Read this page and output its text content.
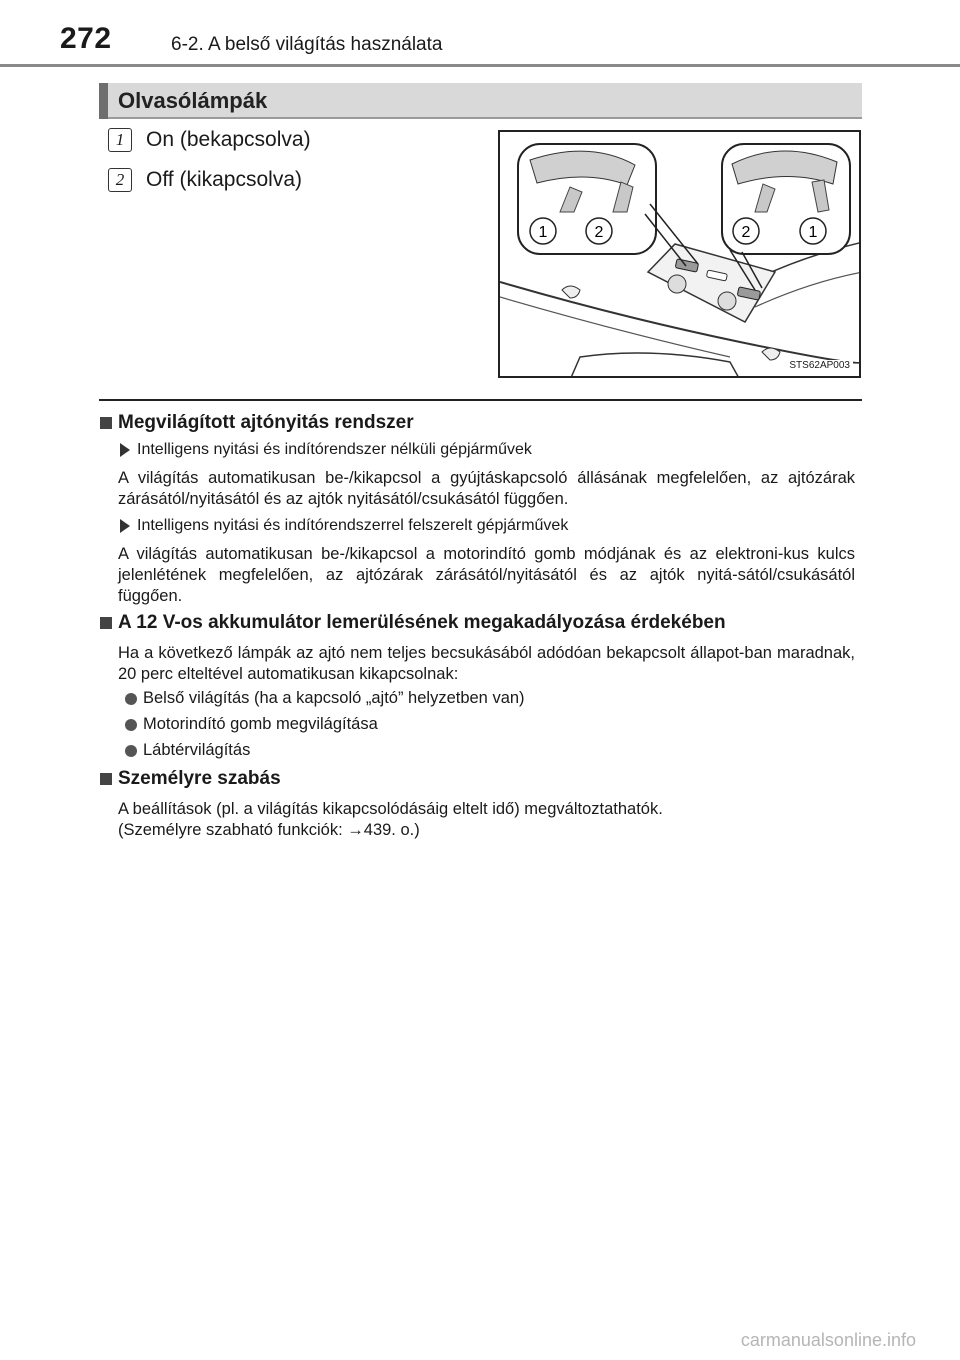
272	6-2. A belső világítás használata
Olvasólámpák
1	On (bekapcsolva)
2	Off (kikapcsolva)
1	2	2	1
STS62AP003
Megvilágított ajtónyitás rendszer
Intelligens nyitási és indítórendszer nélküli gépjárművek
A világítás automatikusan be-/kikapcsol a gyújtáskapcsoló állásának megfelelően, az ajtózárak zárásától/nyitásától és az ajtók nyitásától/csukásától függően.
Intelligens nyitási és indítórendszerrel felszerelt gépjárművek
A világítás automatikusan be-/kikapcsol a motorindító gomb módjának és az elektroni-kus kulcs jelenlétének megfelelően, az ajtózárak zárásától/nyitásától és az ajtók nyitá-sától/csukásától függően.
A 12 V-os akkumulátor lemerülésének megakadályozása érdekében
Ha a következő lámpák az ajtó nem teljes becsukásából adódóan bekapcsolt állapot-ban maradnak, 20 perc elteltével automatikusan kikapcsolnak:
Belső világítás (ha a kapcsoló „ajtó” helyzetben van)
Motorindító gomb megvilágítása
Lábtérvilágítás
Személyre szabás
A beállítások (pl. a világítás kikapcsolódásáig eltelt idő) megváltoztathatók.
(Személyre szabható funkciók: →439. o.)
carmanualsonline.info
